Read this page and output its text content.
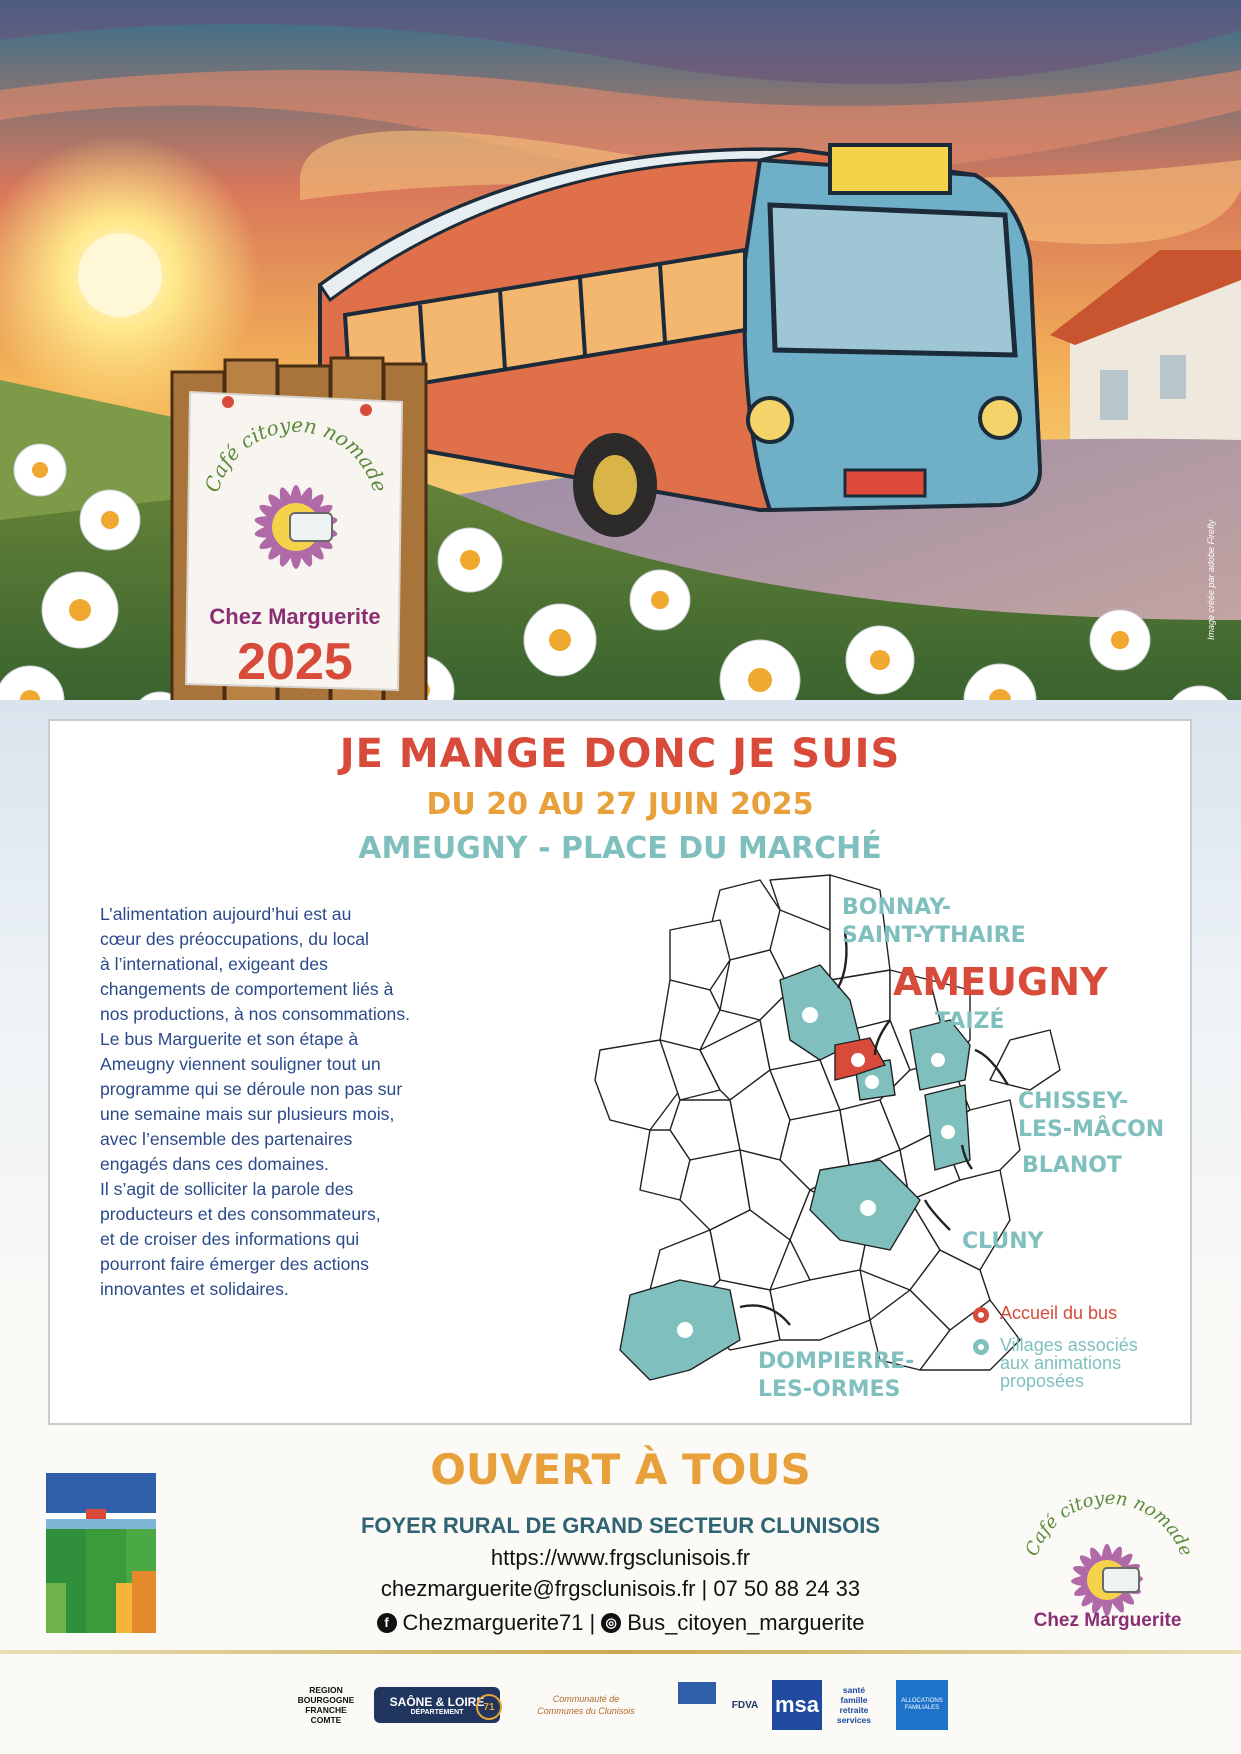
Image créée par adobe Firefly
Café citoyen nomade
Chez Marguerite
2025
JE MANGE DONC JE SUIS
DU 20 AU 27 JUIN 2025
AMEUGNY - PLACE DU MARCHÉ

L’alimentation aujourd’hui est au

cœur des préoccupations, du local

à l’international, exigeant des

changements de comportement liés à

nos productions, à nos consommations.

Le bus Marguerite et son étape à

Ameugny viennent souligner tout un

programme qui se déroule non pas sur

une semaine mais sur plusieurs mois,

avec l’ensemble des partenaires

engagés dans ces domaines.

Il s’agit de solliciter la parole des

producteurs et des consommateurs,

et de croiser des informations qui

pourront faire émerger des actions

innovantes et solidaires.

BONNAY-
SAINT-YTHAIRE
AMEUGNY
TAIZÉ
CHISSEY-
LES-MÂCON
BLANOT
CLUNY
DOMPIERRE-
LES-ORMES
Accueil du bus
Villages associés
aux animations
proposées
OUVERT À TOUS
FOYER RURAL DE GRAND SECTEUR CLUNISOIS
https://www.frgsclunisois.fr
chezmarguerite@frgsclunisois.fr | 07 50 88 24 33
f Chezmarguerite71 | ◎ Bus_citoyen_marguerite
Café citoyen nomade
Chez Marguerite
REGION
BOURGOGNE
FRANCHE
COMTE
SAÔNE & LOIRE
DÉPARTEMENT	71
Communauté de
Communes du Clunisois
FDVA msa
santé
famille
retraite
services
ALLOCATIONS FAMILIALES
